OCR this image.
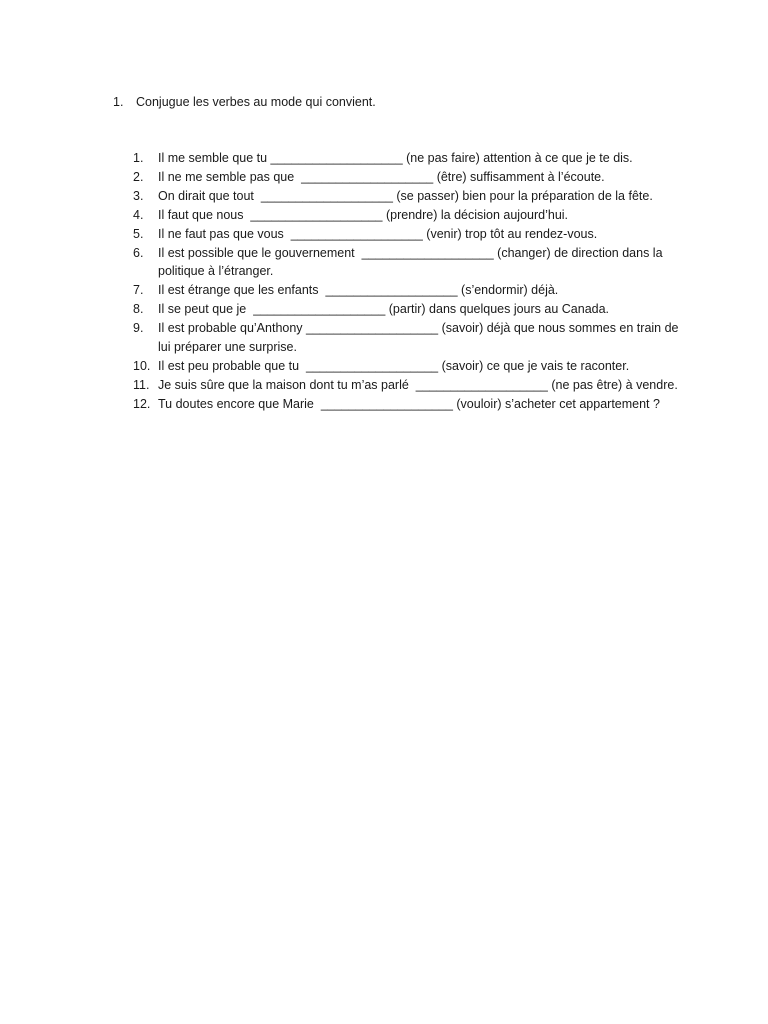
1. Conjugue les verbes au mode qui convient.
1.	Il me semble que tu ___________________ (ne pas faire) attention à ce que je te dis.
2.	Il ne me semble pas que  ___________________ (être) suffisamment à l’écoute.
3.	On dirait que tout  ___________________ (se passer) bien pour la préparation de la fête.
4.	Il faut que nous  ___________________ (prendre) la décision aujourd’hui.
5.	Il ne faut pas que vous  ___________________ (venir) trop tôt au rendez-vous.
6.	Il est possible que le gouvernement  ___________________ (changer) de direction dans la politique à l’étranger.
7.	Il est étrange que les enfants  ___________________ (s’endormir) déjà.
8.	Il se peut que je  ___________________ (partir) dans quelques jours au Canada.
9.	Il est probable qu’Anthony ___________________ (savoir) déjà que nous sommes en train de lui préparer une surprise.
10. Il est peu probable que tu  ___________________ (savoir) ce que je vais te raconter.
11. Je suis sûre que la maison dont tu m’as parlé  ___________________ (ne pas être) à vendre.
12. Tu doutes encore que Marie  ___________________ (vouloir) s’acheter cet appartement ?
